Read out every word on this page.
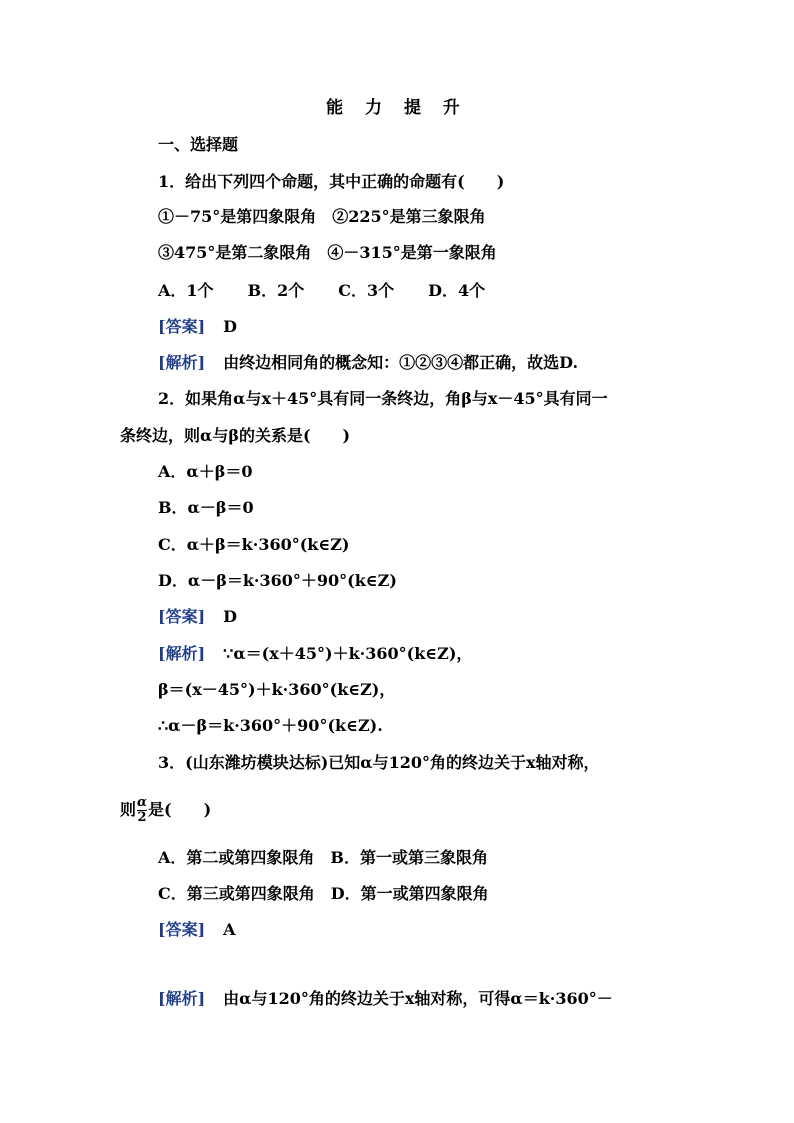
能 力 提 升
一、选择题
1．给出下列四个命题，其中正确的命题有(　　)
①－75°是第四象限角 ②225°是第三象限角
③475°是第二象限角 ④－315°是第一象限角
A．1个 B．2个 C．3个 D．4个
[答案] D
[解析] 由终边相同角的概念知：①②③④都正确，故选D.
2．如果角α与x＋45°具有同一条终边，角β与x－45°具有同一
条终边，则α与β的关系是(　　)
A．α＋β＝0
B．α－β＝0
C．α＋β＝k·360°(k∈Z)
D．α－β＝k·360°＋90°(k∈Z)
[答案] D
[解析] ∵α＝(x＋45°)＋k·360°(k∈Z)，
β＝(x－45°)＋k·360°(k∈Z)，
∴α－β＝k·360°＋90°(k∈Z).
3．(山东潍坊模块达标)已知α与120°角的终边关于x轴对称，
则 $\frac{\alpha}{2}$ 是(　　)
A．第二或第四象限角 B．第一或第三象限角
C．第三或第四象限角 D．第一或第四象限角
[答案] A
[解析] 由α与120°角的终边关于x轴对称，可得α＝k·360°－
